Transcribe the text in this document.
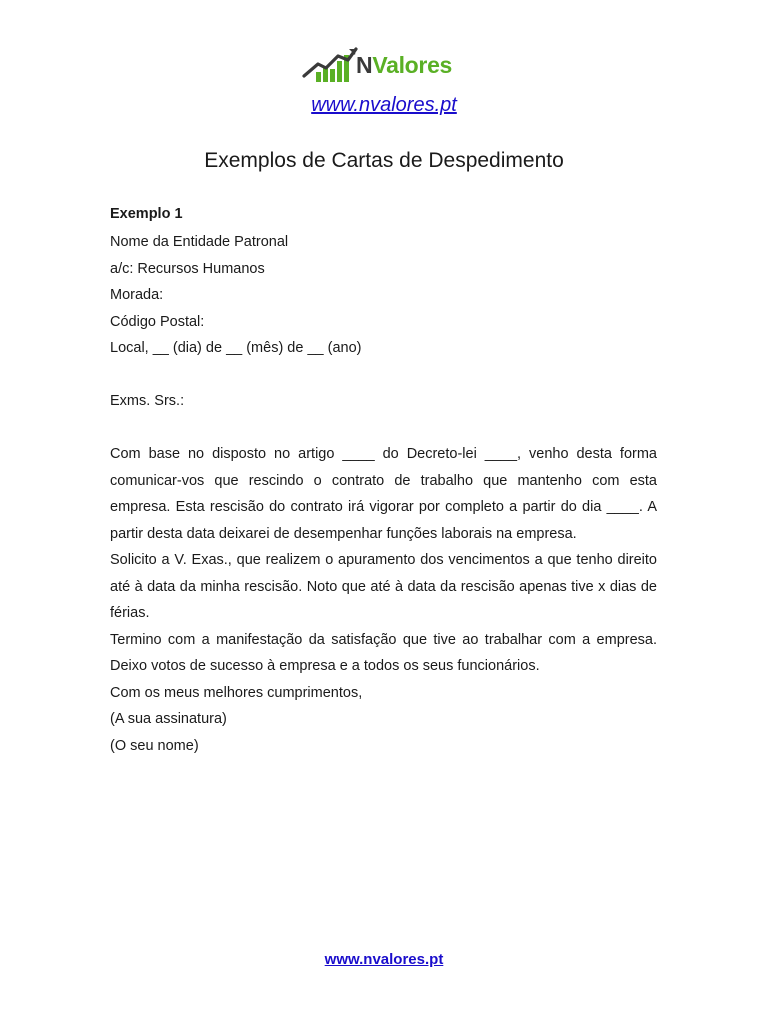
NValores
www.nvalores.pt
Exemplos de Cartas de Despedimento
Exemplo 1
Nome da Entidade Patronal
a/c: Recursos Humanos
Morada:
Código Postal:
Local, __ (dia) de __ (mês) de __ (ano)
Exms. Srs.:

Com base no disposto no artigo ____ do Decreto-lei ____, venho desta forma comunicar-vos que rescindo o contrato de trabalho que mantenho com esta empresa. Esta rescisão do contrato irá vigorar por completo a partir do dia ____. A partir desta data deixarei de desempenhar funções laborais na empresa.

Solicito a V. Exas., que realizem o apuramento dos vencimentos a que tenho direito até à data da minha rescisão. Noto que até à data da rescisão apenas tive x dias de férias.

Termino com a manifestação da satisfação que tive ao trabalhar com a empresa. Deixo votos de sucesso à empresa e a todos os seus funcionários.

Com os meus melhores cumprimentos,
(A sua assinatura)
(O seu nome)
www.nvalores.pt
